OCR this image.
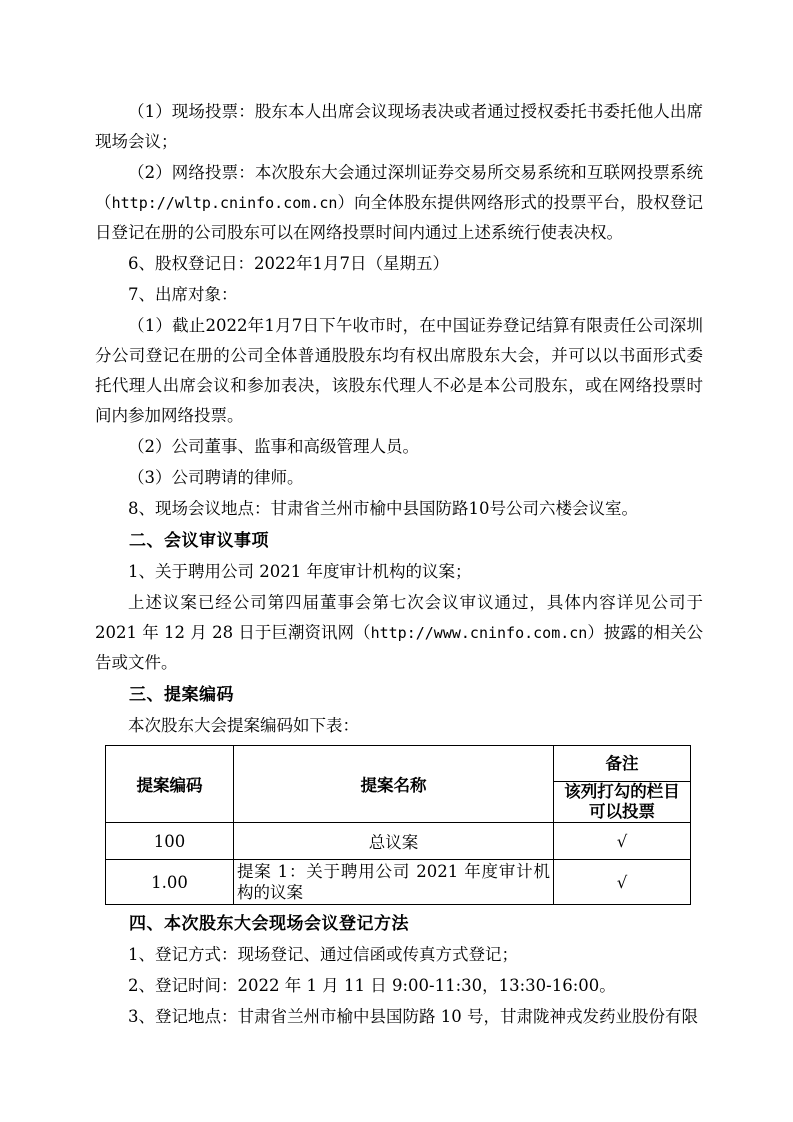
（1）现场投票：股东本人出席会议现场表决或者通过授权委托书委托他人出席现场会议；

（2）网络投票：本次股东大会通过深圳证券交易所交易系统和互联网投票系统（http://wltp.cninfo.com.cn）向全体股东提供网络形式的投票平台，股权登记日登记在册的公司股东可以在网络投票时间内通过上述系统行使表决权。

6、股权登记日：2022年1月7日（星期五）

7、出席对象：

（1）截止2022年1月7日下午收市时，在中国证券登记结算有限责任公司深圳分公司登记在册的公司全体普通股股东均有权出席股东大会，并可以以书面形式委托代理人出席会议和参加表决，该股东代理人不必是本公司股东，或在网络投票时间内参加网络投票。

（2）公司董事、监事和高级管理人员。

（3）公司聘请的律师。

8、现场会议地点：甘肃省兰州市榆中县国防路10号公司六楼会议室。

二、会议审议事项

1、关于聘用公司 2021 年度审计机构的议案；

上述议案已经公司第四届董事会第七次会议审议通过，具体内容详见公司于 2021 年 12 月 28 日于巨潮资讯网（http://www.cninfo.com.cn）披露的相关公告或文件。

三、提案编码

本次股东大会提案编码如下表：

提案编码	提案名称	备注
		该列打勾的栏目可以投票
100	总议案	√
1.00	提案 1：关于聘用公司 2021 年度审计机构的议案	√
四、本次股东大会现场会议登记方法

1、登记方式：现场登记、通过信函或传真方式登记；

2、登记时间：2022 年 1 月 11 日 9:00-11:30，13:30-16:00。

3、登记地点：甘肃省兰州市榆中县国防路 10 号，甘肃陇神戎发药业股份有限
